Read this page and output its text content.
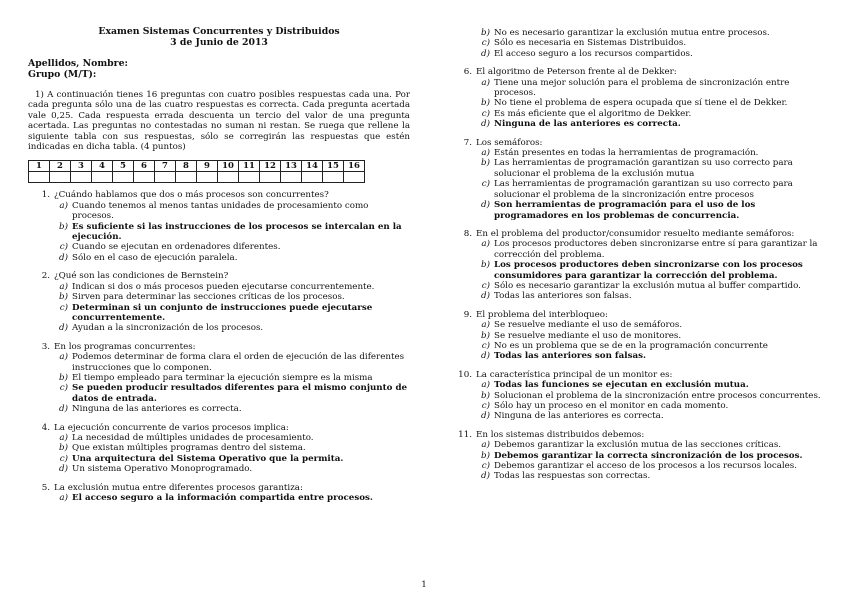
Examen Sistemas Concurrentes y Distribuidos
3 de Junio de 2013
Apellidos, Nombre:
Grupo (M/T):
1) A continuación tienes 16 preguntas con cuatro posibles respuestas cada una. Por cada pregunta sólo una de las cuatro respuestas es correcta. Cada pregunta acertada vale 0,25. Cada respuesta errada descuenta un tercio del valor de una pregunta acertada. Las preguntas no contestadas no suman ni restan. Se ruega que rellene la siguiente tabla con sus respuestas, sólo se corregirán las respuestas que estén indicadas en dicha tabla. (4 puntos)
1	2	3	4	5	6	7	8	9	10	11	12	13	14	15	16

1. ¿Cuándo hablamos que dos o más procesos son concurrentes?
a) Cuando tenemos al menos tantas unidades de procesamiento como procesos.
b) Es suficiente si las instrucciones de los procesos se intercalan en la ejecución.
c) Cuando se ejecutan en ordenadores diferentes.
d) Sólo en el caso de ejecución paralela.
2. ¿Qué son las condiciones de Bernstein?
a) Indican si dos o más procesos pueden ejecutarse concurrentemente.
b) Sirven para determinar las secciones críticas de los procesos.
c) Determinan si un conjunto de instrucciones puede ejecutarse concurrentemente.
d) Ayudan a la sincronización de los procesos.
3. En los programas concurrentes:
a) Podemos determinar de forma clara el orden de ejecución de las diferentes instrucciones que lo componen.
b) El tiempo empleado para terminar la ejecución siempre es la misma
c) Se pueden producir resultados diferentes para el mismo conjunto de datos de entrada.
d) Ninguna de las anteriores es correcta.
4. La ejecución concurrente de varios procesos implica:
a) La necesidad de múltiples unidades de procesamiento.
b) Que existan múltiples programas dentro del sistema.
c) Una arquitectura del Sistema Operativo que la permita.
d) Un sistema Operativo Monoprogramado.
5. La exclusión mutua entre diferentes procesos garantiza:
a) El acceso seguro a la información compartida entre procesos.
b) No es necesario garantizar la exclusión mutua entre procesos.
c) Sólo es necesaria en Sistemas Distribuidos.
d) El acceso seguro a los recursos compartidos.
6. El algoritmo de Peterson frente al de Dekker:
a) Tiene una mejor solución para el problema de sincronización entre procesos.
b) No tiene el problema de espera ocupada que sí tiene el de Dekker.
c) Es más eficiente que el algoritmo de Dekker.
d) Ninguna de las anteriores es correcta.
7. Los semáforos:
a) Están presentes en todas la herramientas de programación.
b) Las herramientas de programación garantizan su uso correcto para solucionar el problema de la exclusión mutua
c) Las herramientas de programación garantizan su uso correcto para solucionar el problema de la sincronización entre procesos
d) Son herramientas de programación para el uso de los programadores en los problemas de concurrencia.
8. En el problema del productor/consumidor resuelto mediante semáforos:
a) Los procesos productores deben sincronizarse entre sí para garantizar la corrección del problema.
b) Los procesos productores deben sincronizarse con los procesos consumidores para garantizar la corrección del problema.
c) Sólo es necesario garantizar la exclusión mutua al buffer compartido.
d) Todas las anteriores son falsas.
9. El problema del interbloqueo:
a) Se resuelve mediante el uso de semáforos.
b) Se resuelve mediante el uso de monitores.
c) No es un problema que se de en la programación concurrente
d) Todas las anteriores son falsas.
10. La característica principal de un monitor es:
a) Todas las funciones se ejecutan en exclusión mutua.
b) Solucionan el problema de la sincronización entre procesos concurrentes.
c) Sólo hay un proceso en el monitor en cada momento.
d) Ninguna de las anteriores es correcta.
11. En los sistemas distribuidos debemos:
a) Debemos garantizar la exclusión mutua de las secciones críticas.
b) Debemos garantizar la correcta sincronización de los procesos.
c) Debemos garantizar el acceso de los procesos a los recursos locales.
d) Todas las respuestas son correctas.
1
